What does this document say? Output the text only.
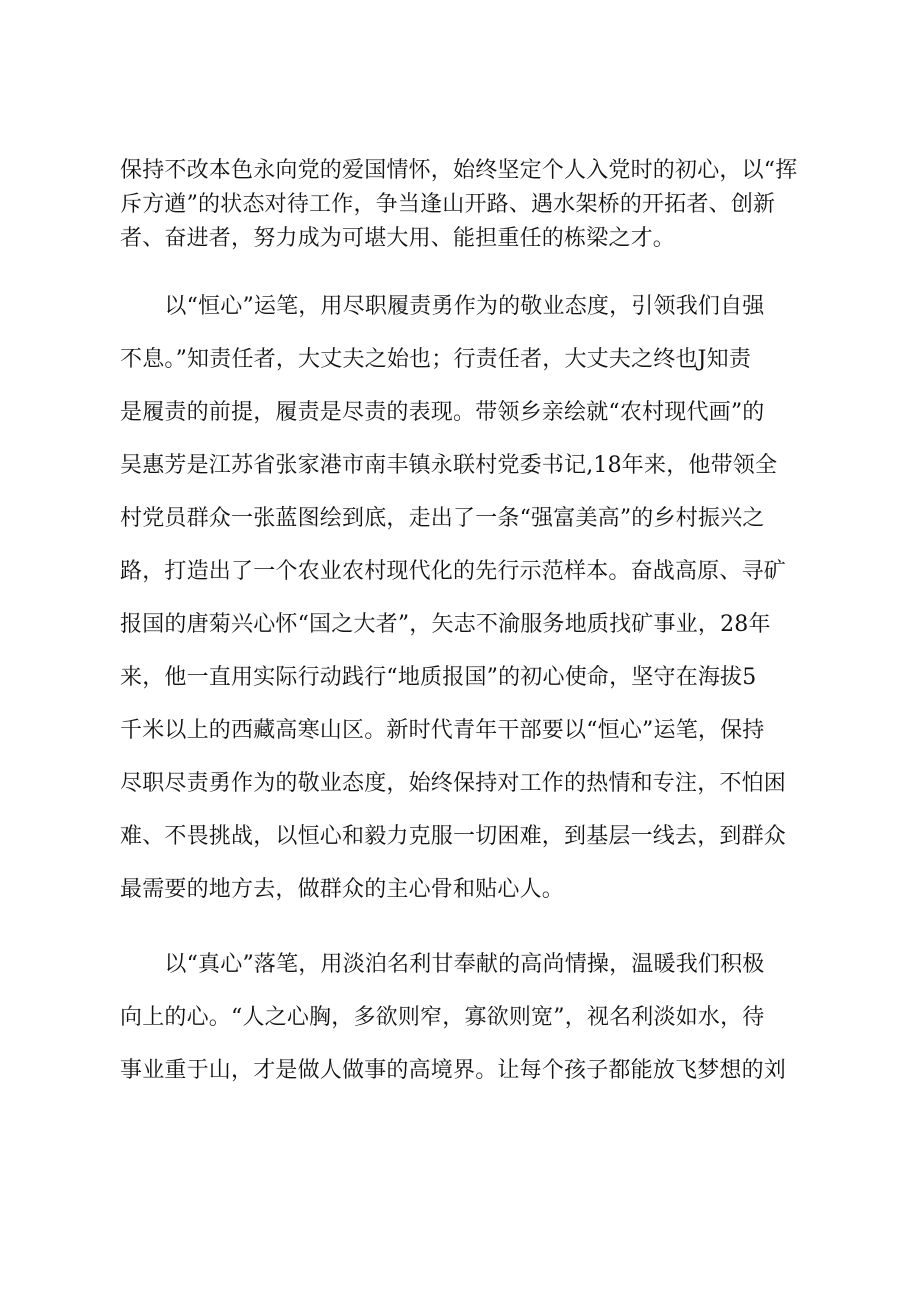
保持不改本色永向党的爱国情怀，始终坚定个人入党时的初心，以“挥
斥方遒”的状态对待工作，争当逢山开路、遇水架桥的开拓者、创新
者、奋进者，努力成为可堪大用、能担重任的栋梁之才。
　　以“恒心”运笔，用尽职履责勇作为的敬业态度，引领我们自强
不息。”知责任者，大丈夫之始也；行责任者，大丈夫之终也J知责
是履责的前提，履责是尽责的表现。带领乡亲绘就“农村现代画”的
吴惠芳是江苏省张家港市南丰镇永联村党委书记,18年来，他带领全
村党员群众一张蓝图绘到底，走出了一条“强富美高”的乡村振兴之
路，打造出了一个农业农村现代化的先行示范样本。奋战高原、寻矿
报国的唐菊兴心怀“国之大者”，矢志不渝服务地质找矿事业，28年
来，他一直用实际行动践行“地质报国”的初心使命，坚守在海拔5
千米以上的西藏高寒山区。新时代青年干部要以“恒心”运笔，保持
尽职尽责勇作为的敬业态度，始终保持对工作的热情和专注，不怕困
难、不畏挑战，以恒心和毅力克服一切困难，到基层一线去，到群众
最需要的地方去，做群众的主心骨和贴心人。
　　以“真心”落笔，用淡泊名利甘奉献的高尚情操，温暖我们积极
向上的心。“人之心胸，多欲则窄，寡欲则宽”，视名利淡如水，待
事业重于山，才是做人做事的高境界。让每个孩子都能放飞梦想的刘
